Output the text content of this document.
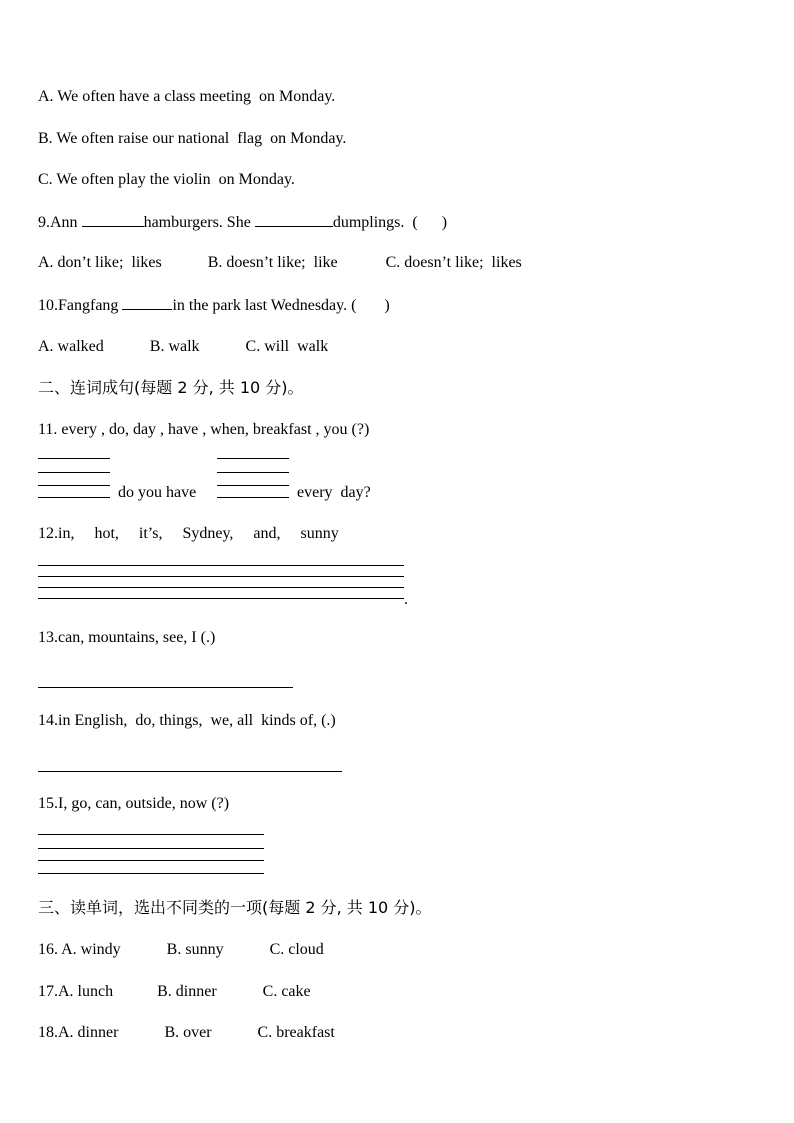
A. We often have a class meeting  on Monday.
B. We often raise our national  flag  on Monday.
C. We often play the violin  on Monday.
9.Ann	hamburgers. She	dumplings.  (      )
A. don’t like;  likes	B. doesn’t like;  like	C. doesn’t like;  likes
10.Fangfang	in the park last Wednesday. (       )
A. walked	B. walk	C. will  walk
二、连词成句(每题 2 分, 共 10 分)。
11. every , do, day , have , when, breakfast , you (?)
do you have	every  day?
12.in,     hot,     it’s,     Sydney,     and,     sunny
.
13.can, mountains, see, I (.)
14.in English,  do, things,  we, all  kinds of, (.)
15.I, go, can, outside, now (?)
三、读单词，选出不同类的一项(每题 2 分, 共 10 分)。
16. A. windy	B. sunny	C. cloud
17.A. lunch	B. dinner	C. cake
18.A. dinner	B. over	C. breakfast
